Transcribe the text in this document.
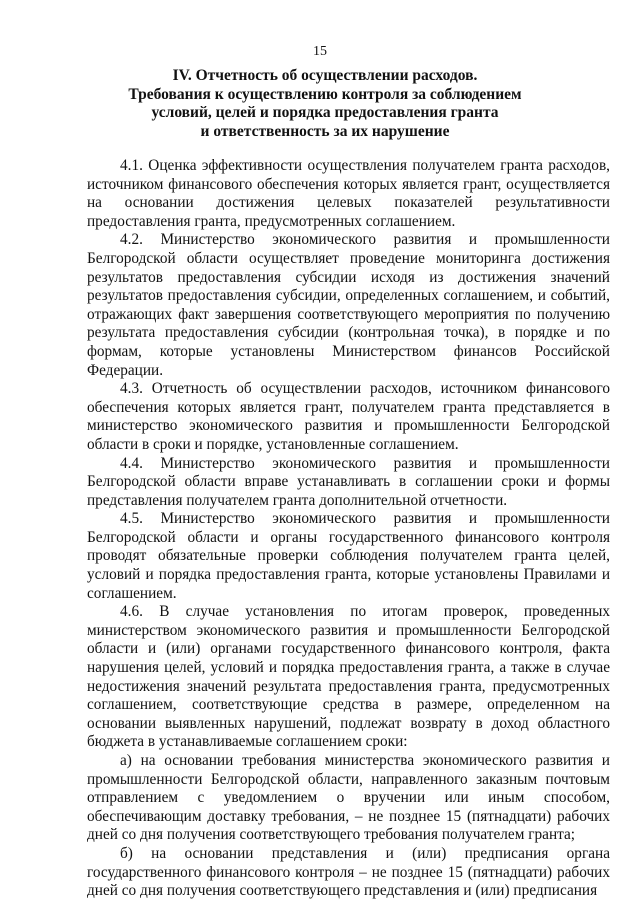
15
IV. Отчетность об осуществлении расходов.
Требования к осуществлению контроля за соблюдением
условий, целей и порядка предоставления гранта
и ответственность за их нарушение

4.1. Оценка эффективности осуществления получателем гранта расходов, источником финансового обеспечения которых является грант, осуществляется на основании достижения целевых показателей результативности предоставления гранта, предусмотренных соглашением.

4.2. Министерство экономического развития и промышленности Белгородской области осуществляет проведение мониторинга достижения результатов предоставления субсидии исходя из достижения значений результатов предоставления субсидии, определенных соглашением, и событий, отражающих факт завершения соответствующего мероприятия по получению результата предоставления субсидии (контрольная точка), в порядке и по формам, которые установлены Министерством финансов Российской Федерации.

4.3. Отчетность об осуществлении расходов, источником финансового обеспечения которых является грант, получателем гранта представляется в министерство экономического развития и промышленности Белгородской области в сроки и порядке, установленные соглашением.

4.4. Министерство экономического развития и промышленности Белгородской области вправе устанавливать в соглашении сроки и формы представления получателем гранта дополнительной отчетности.

4.5. Министерство экономического развития и промышленности Белгородской области и органы государственного финансового контроля проводят обязательные проверки соблюдения получателем гранта целей, условий и порядка предоставления гранта, которые установлены Правилами и соглашением.

4.6. В случае установления по итогам проверок, проведенных министерством экономического развития и промышленности Белгородской области и (или) органами государственного финансового контроля, факта нарушения целей, условий и порядка предоставления гранта, а также в случае недостижения значений результата предоставления гранта, предусмотренных соглашением, соответствующие средства в размере, определенном на основании выявленных нарушений, подлежат возврату в доход областного бюджета в устанавливаемые соглашением сроки:

а) на основании требования министерства экономического развития и промышленности Белгородской области, направленного заказным почтовым отправлением с уведомлением о вручении или иным способом, обеспечивающим доставку требования, – не позднее 15 (пятнадцати) рабочих дней со дня получения соответствующего требования получателем гранта;

б) на основании представления и (или) предписания органа государственного финансового контроля – не позднее 15 (пятнадцати) рабочих дней со дня получения соответствующего представления и (или) предписания
